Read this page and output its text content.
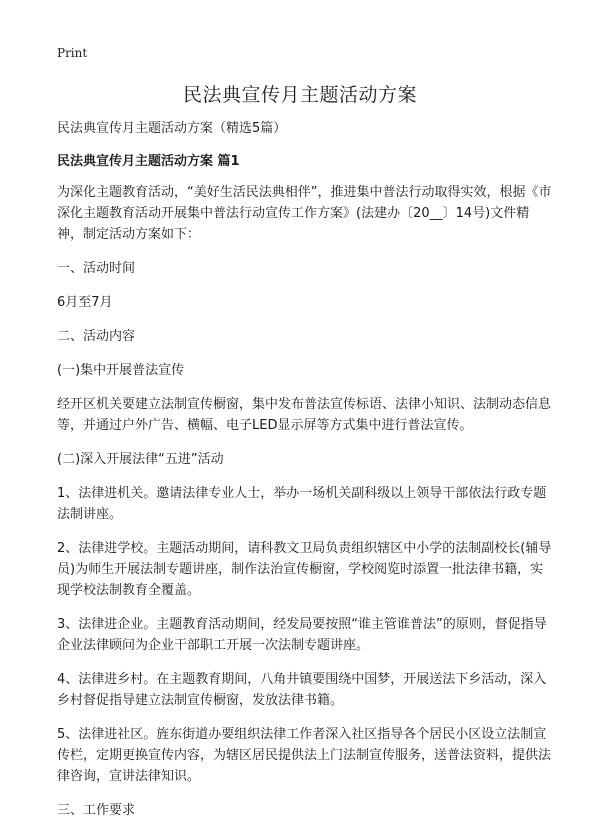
Print
民法典宣传月主题活动方案

民法典宣传月主题活动方案（精选5篇）

民法典宣传月主题活动方案 篇1

为深化主题教育活动，“美好生活民法典相伴”，推进集中普法行动取得实效，根据《市深化主题教育活动开展集中普法行动宣传工作方案》(法建办〔20__〕14号)文件精神，制定活动方案如下：

一、活动时间

6月至7月

二、活动内容

(一)集中开展普法宣传

经开区机关要建立法制宣传橱窗，集中发布普法宣传标语、法律小知识、法制动态信息等，并通过户外广告、横幅、电子LED显示屏等方式集中进行普法宣传。

(二)深入开展法律“五进”活动

1、法律进机关。邀请法律专业人士，举办一场机关副科级以上领导干部依法行政专题法制讲座。

2、法律进学校。主题活动期间，请科教文卫局负责组织辖区中小学的法制副校长(辅导员)为师生开展法制专题讲座，制作法治宣传橱窗，学校阅览时添置一批法律书籍，实现学校法制教育全覆盖。

3、法律进企业。主题教育活动期间，经发局要按照“谁主管谁普法”的原则，督促指导企业法律顾问为企业干部职工开展一次法制专题讲座。

4、法律进乡村。在主题教育期间，八角井镇要围绕中国梦，开展送法下乡活动，深入乡村督促指导建立法制宣传橱窗，发放法律书籍。

5、法律进社区。旌东街道办要组织法律工作者深入社区指导各个居民小区设立法制宣传栏，定期更换宣传内容，为辖区居民提供法上门法制宣传服务，送普法资料，提供法律咨询，宣讲法律知识。

三、工作要求
